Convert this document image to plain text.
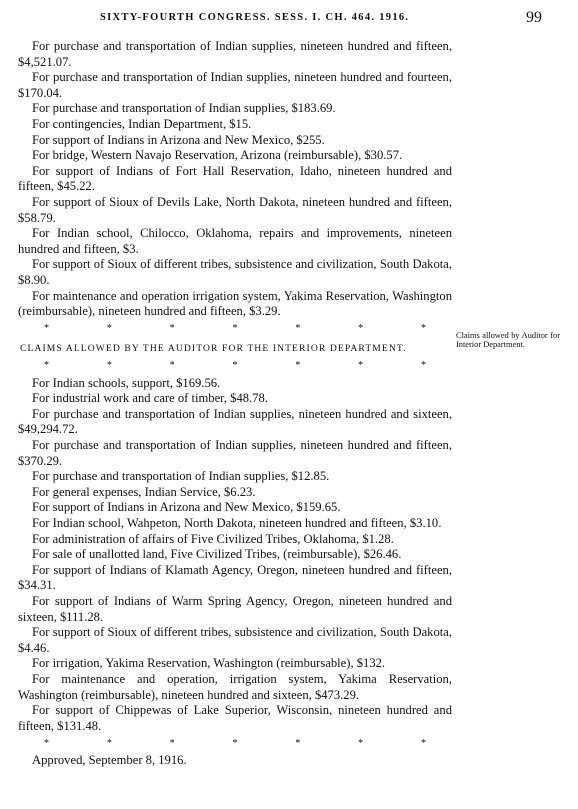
SIXTY-FOURTH CONGRESS. SESS. I. CH. 464. 1916.	99

For purchase and transportation of Indian supplies, nineteen hundred and fifteen, $4,521.07.

For purchase and transportation of Indian supplies, nineteen hundred and fourteen, $170.04.

For purchase and transportation of Indian supplies, $183.69.

For contingencies, Indian Department, $15.

For support of Indians in Arizona and New Mexico, $255.

For bridge, Western Navajo Reservation, Arizona (reimbursable), $30.57.

For support of Indians of Fort Hall Reservation, Idaho, nineteen hundred and fifteen, $45.22.

For support of Sioux of Devils Lake, North Dakota, nineteen hundred and fifteen, $58.79.

For Indian school, Chilocco, Oklahoma, repairs and improvements, nineteen hundred and fifteen, $3.

For support of Sioux of different tribes, subsistence and civilization, South Dakota, $8.90.

For maintenance and operation irrigation system, Yakima Reservation, Washington (reimbursable), nineteen hundred and fifteen, $3.29.

*	*	*	*	*	*	*
CLAIMS ALLOWED BY THE AUDITOR FOR THE INTERIOR DEPARTMENT.
*	*	*	*	*	*	*

For Indian schools, support, $169.56.

For industrial work and care of timber, $48.78.

For purchase and transportation of Indian supplies, nineteen hundred and sixteen, $49,294.72.

For purchase and transportation of Indian supplies, nineteen hundred and fifteen, $370.29.

For purchase and transportation of Indian supplies, $12.85.

For general expenses, Indian Service, $6.23.

For support of Indians in Arizona and New Mexico, $159.65.

For Indian school, Wahpeton, North Dakota, nineteen hundred and fifteen, $3.10.

For administration of affairs of Five Civilized Tribes, Oklahoma, $1.28.

For sale of unallotted land, Five Civilized Tribes, (reimbursable), $26.46.

For support of Indians of Klamath Agency, Oregon, nineteen hundred and fifteen, $34.31.

For support of Indians of Warm Spring Agency, Oregon, nineteen hundred and sixteen, $111.28.

For support of Sioux of different tribes, subsistence and civilization, South Dakota, $4.46.

For irrigation, Yakima Reservation, Washington (reimbursable), $132.

For maintenance and operation, irrigation system, Yakima Reservation, Washington (reimbursable), nineteen hundred and sixteen, $473.29.

For support of Chippewas of Lake Superior, Wisconsin, nineteen hundred and fifteen, $131.48.

*	*	*	*	*	*	*

Approved, September 8, 1916.

Claims allowed by Auditor for Interior Department.
